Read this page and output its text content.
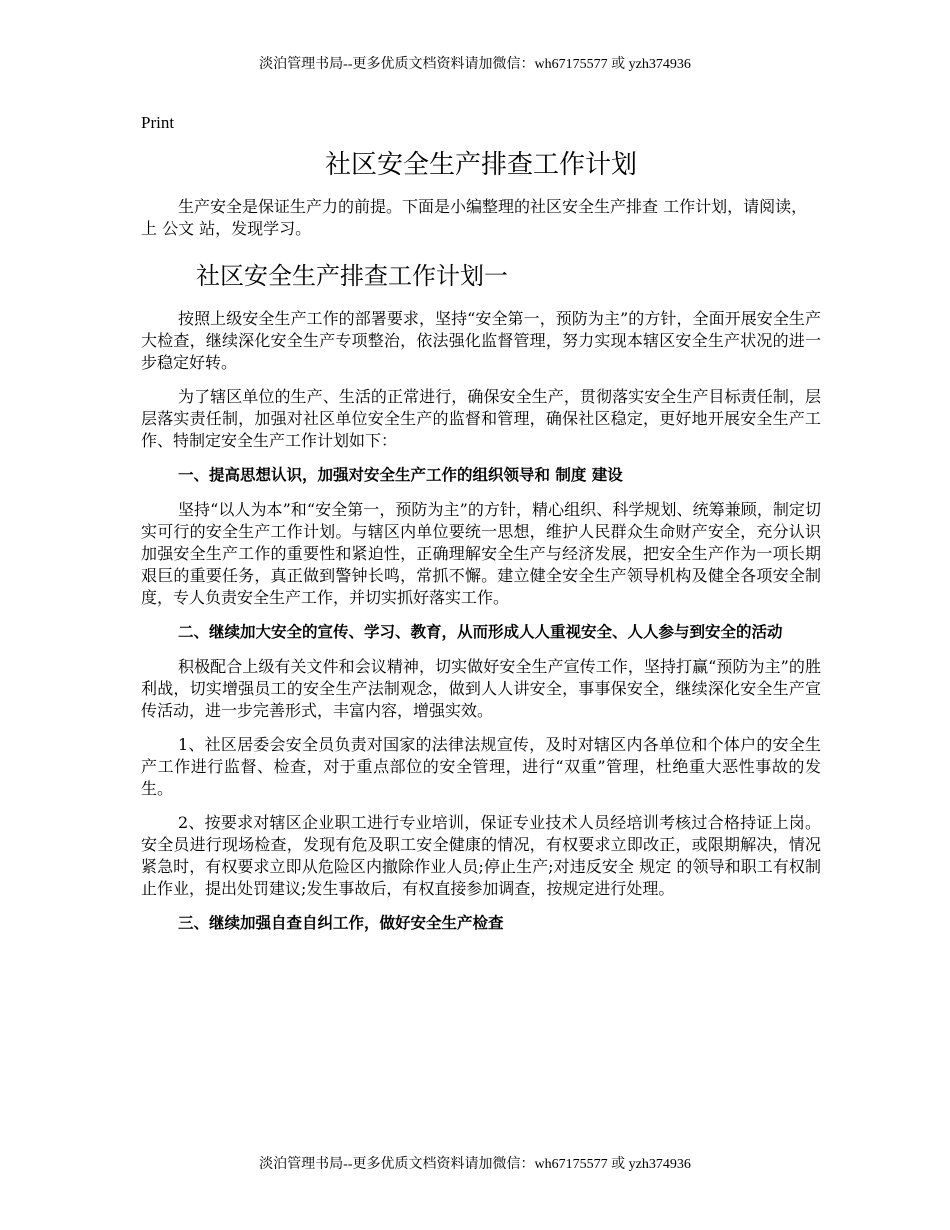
淡泊管理书局--更多优质文档资料请加微信：wh67175577 或 yzh374936
Print
社区安全生产排查工作计划

生产安全是保证生产力的前提。下面是小编整理的社区安全生产排查 工作计划，请阅读，上 公文 站，发现学习。

社区安全生产排查工作计划一

按照上级安全生产工作的部署要求，坚持“安全第一，预防为主”的方针，全面开展安全生产大检查，继续深化安全生产专项整治，依法强化监督管理，努力实现本辖区安全生产状况的进一步稳定好转。

为了辖区单位的生产、生活的正常进行，确保安全生产，贯彻落实安全生产目标责任制，层层落实责任制，加强对社区单位安全生产的监督和管理，确保社区稳定，更好地开展安全生产工作、特制定安全生产工作计划如下：

一、提高思想认识，加强对安全生产工作的组织领导和 制度 建设

坚持“以人为本”和“安全第一，预防为主”的方针，精心组织、科学规划、统筹兼顾，制定切实可行的安全生产工作计划。与辖区内单位要统一思想，维护人民群众生命财产安全，充分认识加强安全生产工作的重要性和紧迫性，正确理解安全生产与经济发展，把安全生产作为一项长期艰巨的重要任务，真正做到警钟长鸣，常抓不懈。建立健全安全生产领导机构及健全各项安全制度，专人负责安全生产工作，并切实抓好落实工作。

二、继续加大安全的宣传、学习、教育，从而形成人人重视安全、人人参与到安全的活动

积极配合上级有关文件和会议精神，切实做好安全生产宣传工作，坚持打赢“预防为主”的胜利战，切实增强员工的安全生产法制观念，做到人人讲安全，事事保安全，继续深化安全生产宣传活动，进一步完善形式，丰富内容，增强实效。

1、社区居委会安全员负责对国家的法律法规宣传，及时对辖区内各单位和个体户的安全生产工作进行监督、检查，对于重点部位的安全管理，进行“双重”管理，杜绝重大恶性事故的发生。

2、按要求对辖区企业职工进行专业培训，保证专业技术人员经培训考核过合格持证上岗。安全员进行现场检查，发现有危及职工安全健康的情况，有权要求立即改正，或限期解决，情况紧急时，有权要求立即从危险区内撤除作业人员;停止生产;对违反安全 规定 的领导和职工有权制止作业，提出处罚建议;发生事故后，有权直接参加调查，按规定进行处理。

三、继续加强自查自纠工作，做好安全生产检查

淡泊管理书局--更多优质文档资料请加微信：wh67175577 或 yzh374936
